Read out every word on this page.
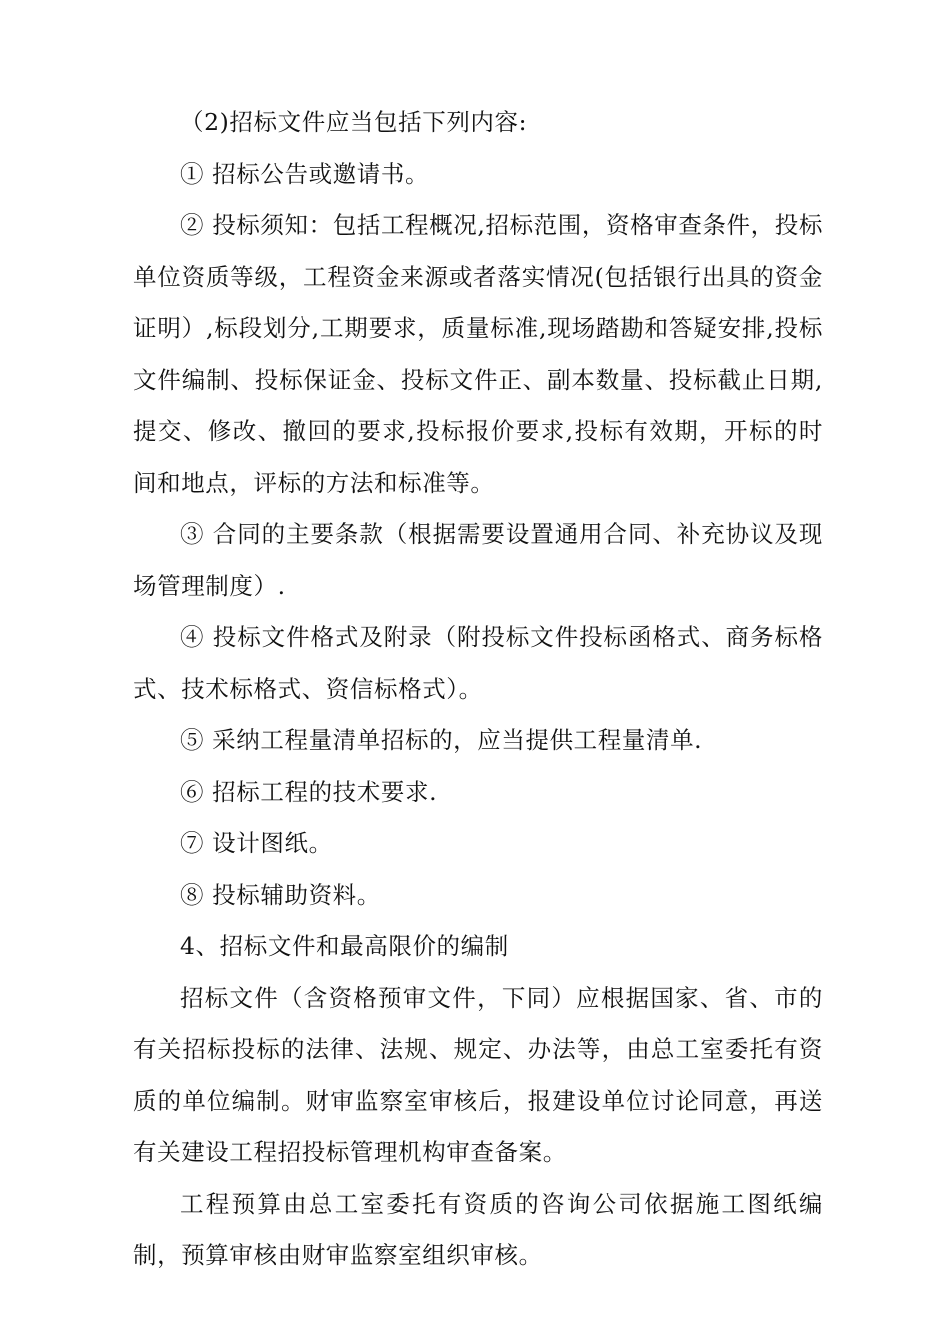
（2)招标文件应当包括下列内容:

① 招标公告或邀请书。

② 投标须知：包括工程概况,招标范围，资格审查条件，投标单位资质等级，工程资金来源或者落实情况(包括银行出具的资金证明）,标段划分,工期要求，质量标准,现场踏勘和答疑安排,投标文件编制、投标保证金、投标文件正、副本数量、投标截止日期,提交、修改、撤回的要求,投标报价要求,投标有效期，开标的时间和地点，评标的方法和标准等。

③ 合同的主要条款（根据需要设置通用合同、补充协议及现场管理制度）.

④ 投标文件格式及附录（附投标文件投标函格式、商务标格式、技术标格式、资信标格式）。

⑤ 采纳工程量清单招标的，应当提供工程量清单.

⑥ 招标工程的技术要求.

⑦ 设计图纸。

⑧ 投标辅助资料。

4、招标文件和最高限价的编制

招标文件（含资格预审文件，下同）应根据国家、省、市的有关招标投标的法律、法规、规定、办法等，由总工室委托有资质的单位编制。财审监察室审核后，报建设单位讨论同意，再送有关建设工程招投标管理机构审查备案。

工程预算由总工室委托有资质的咨询公司依据施工图纸编制，预算审核由财审监察室组织审核。
